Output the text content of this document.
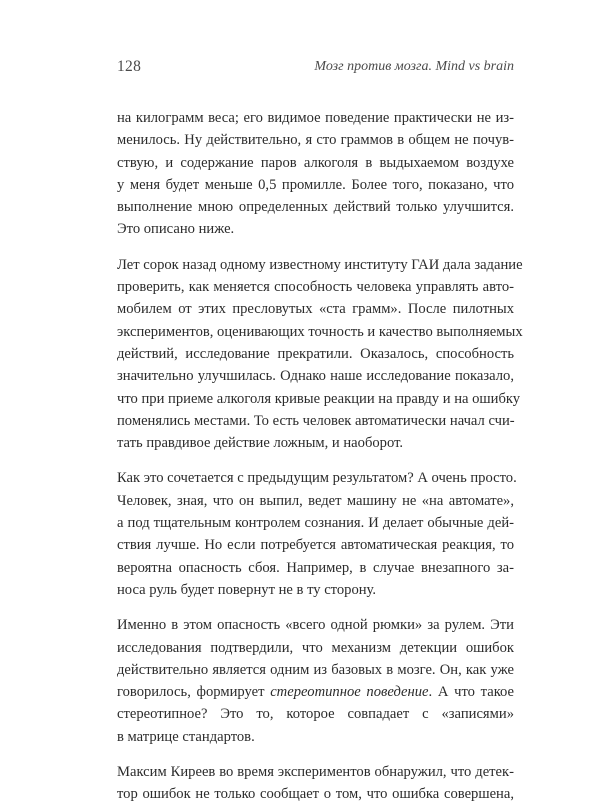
128	Мозг против мозга. Mind vs brain

на килограмм веса; его видимое поведение практически не из-
менилось. Ну действительно, я сто граммов в общем не почув-
ствую, и содержание паров алкоголя в выдыхаемом воздухе
у меня будет меньше 0,5 промилле. Более того, показано, что
выполнение мною определенных действий только улучшится.
Это описано ниже.

Лет сорок назад одному известному институту ГАИ дала задание
проверить, как меняется способность человека управлять авто-
мобилем от этих пресловутых «ста грамм». После пилотных
экспериментов, оценивающих точность и качество выполняемых
действий, исследование прекратили. Оказалось, способность
значительно улучшилась. Однако наше исследование показало,
что при приеме алкоголя кривые реакции на правду и на ошибку
поменялись местами. То есть человек автоматически начал счи-
тать правдивое действие ложным, и наоборот.

Как это сочетается с предыдущим результатом? А очень просто.
Человек, зная, что он выпил, ведет машину не «на автомате»,
а под тщательным контролем сознания. И делает обычные дей-
ствия лучше. Но если потребуется автоматическая реакция, то
вероятна опасность сбоя. Например, в случае внезапного за-
носа руль будет повернут не в ту сторону.

Именно в этом опасность «всего одной рюмки» за рулем. Эти
исследования подтвердили, что механизм детекции ошибок
действительно является одним из базовых в мозге. Он, как уже
говорилось, формирует стереотипное поведение. А что такое
стереотипное? Это то, которое совпадает с «записями»
в матрице стандартов.

Максим Киреев во время экспериментов обнаружил, что детек-
тор ошибок не только сообщает о том, что ошибка совершена,
